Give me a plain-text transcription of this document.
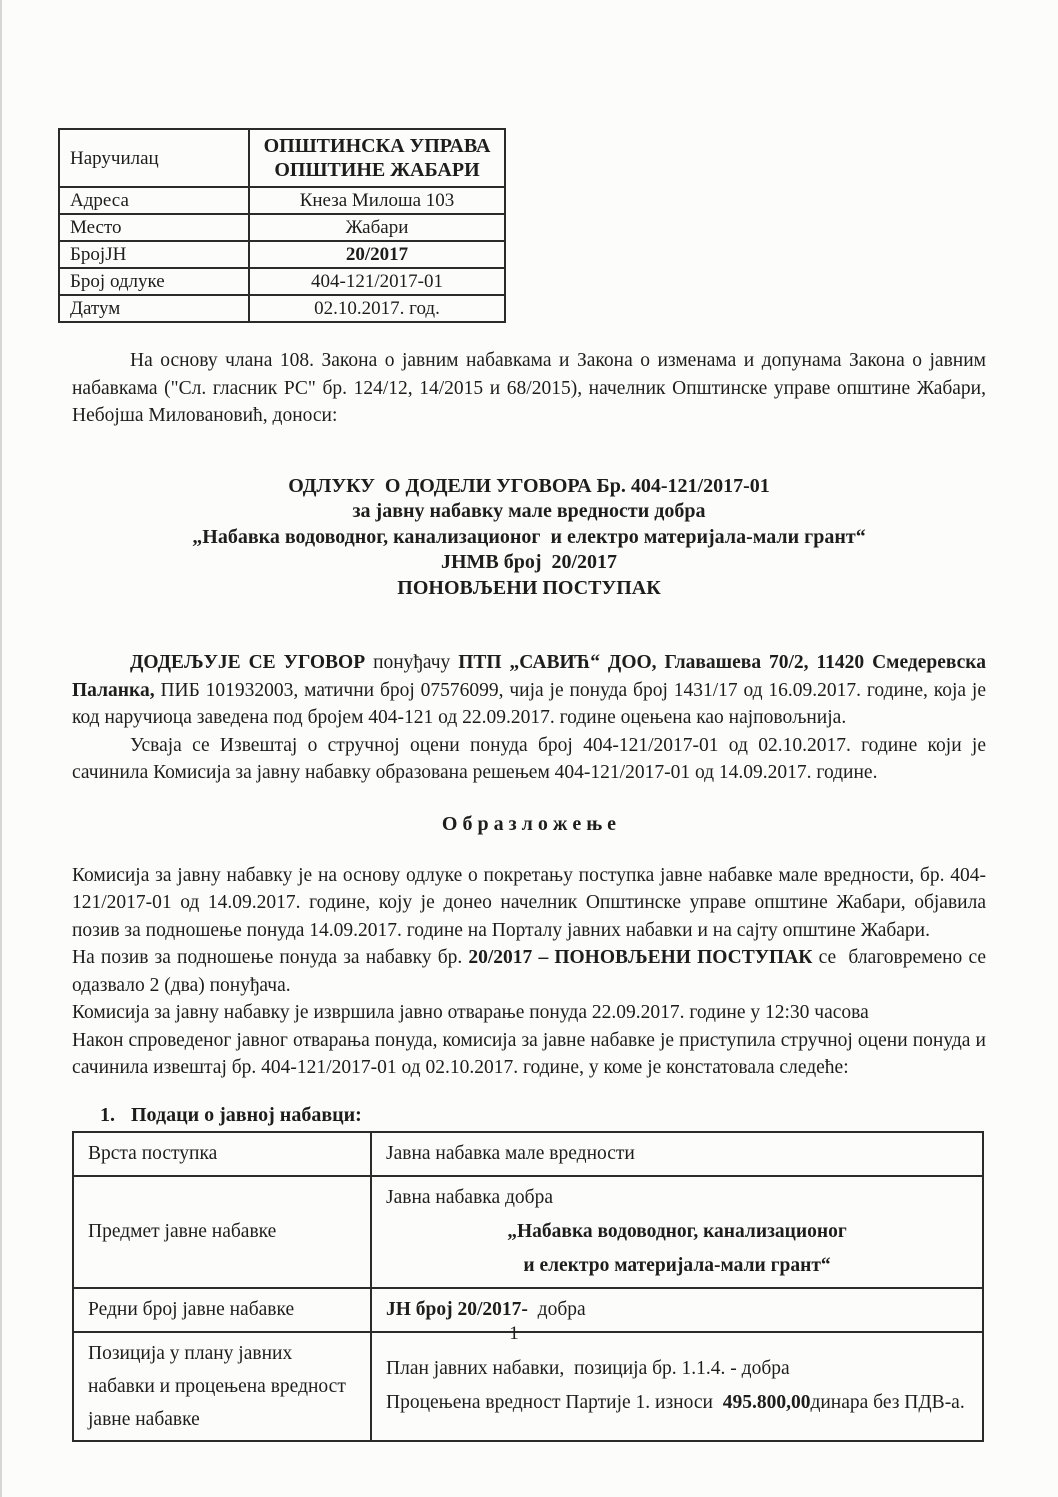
Наручилац	ОПШТИНСКА УПРАВА ОПШТИНЕ ЖАБАРИ
Адреса	Кнеза Милоша 103
Место	Жабари
БројЈН	20/2017
Број одлуке	404-121/2017-01
Датум	02.10.2017. год.

На основу члана 108. Закона о јавним набавкама и Закона о изменама и допунама Закона о јавним набавкама ("Сл. гласник РС" бр. 124/12, 14/2015 и 68/2015), начелник Општинске управе општине Жабари, Небојша Миловановић, доноси:

ОДЛУКУ  О ДОДЕЛИ УГОВОРА Бр. 404-121/2017-01
за јавну набавку мале вредности добра
„Набавка водоводног, канализационог  и електро материјала-мали грант“
ЈНМВ број  20/2017
ПОНОВЉЕНИ ПОСТУПАК

ДОДЕЉУЈЕ СЕ УГОВОР понуђачу ПТП „САВИЋ“ ДОО, Главашева 70/2, 11420 Смедеревска Паланка, ПИБ 101932003, матични број 07576099, чија је понуда број 1431/17 од 16.09.2017. године, која је код наручиоца заведена под бројем 404-121 од 22.09.2017. године оцењена као најповољнија.

Усваја се Извештај о стручној оцени понуда број 404-121/2017-01 од 02.10.2017. године који је сачинила Комисија за јавну набавку образована решењем 404-121/2017-01 од 14.09.2017. године.

О б р а з л о ж е њ е

Комисија за јавну набавку је на основу одлуке о покретању поступка јавне набавке мале вредности, бр. 404-121/2017-01 од 14.09.2017. године, коју је донео начелник Општинске управе општине Жабари, објавила позив за подношење понуда 14.09.2017. године на Порталу јавних набавки и на сајту општине Жабари.

На позив за подношење понуда за набавку бр. 20/2017 – ПОНОВЉЕНИ ПОСТУПАК се  благовремено се одазвало 2 (два) понуђача.

Комисија за јавну набавку је извршила јавно отварање понуда 22.09.2017. године у 12:30 часова

Након спроведеног јавног отварања понуда, комисија за јавне набавке је приступила стручној оцени понуда и сачинила извештај бр. 404-121/2017-01 од 02.10.2017. године, у коме је констатовала следеће:

1. Подаци о јавној набавци:
Врста поступка	Јавна набавка мале вредности
Предмет јавне набавке	Јавна набавка добра
„Набавка водоводног, канализационог
и електро материјала-мали грант“

Редни број јавне набавке	ЈН број 20/2017-  добра
Позиција у плану јавних набавки и процењена вредност јавне набавке	План јавних набавки,  позиција бр. 1.1.4. - добра
Процењена вредност Партије 1. износи  495.800,00динара без ПДВ-а.
1
